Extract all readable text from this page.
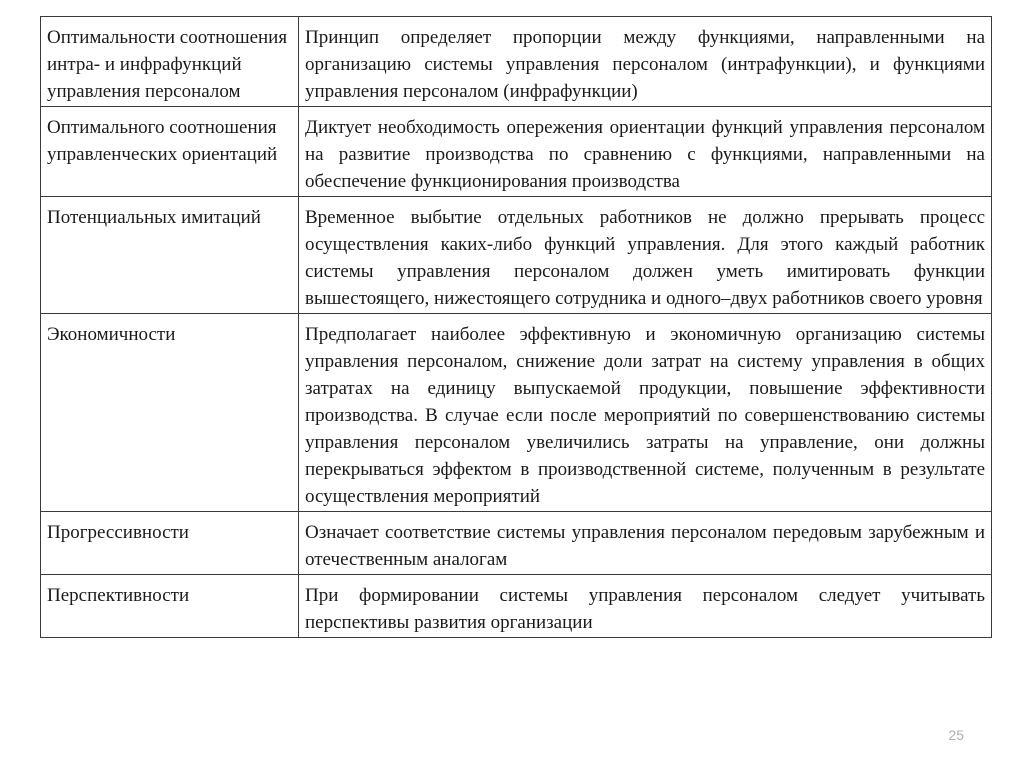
Оптимальности соотношения интра- и инфрафункций управления персоналом	Принцип определяет пропорции между функциями, направленными на организацию системы управления персоналом (интрафункции), и функциями управления персоналом (инфрафункции)
Оптимального соотношения управленческих ориентаций	Диктует необходимость опережения ориентации функций управления персоналом на развитие производства по сравнению с функциями, направленными на обеспечение функционирования производства
Потенциальных имитаций	Временное выбытие отдельных работников не должно прерывать процесс осуществления каких-либо функций управления. Для этого каждый работник системы управления персоналом должен уметь имитировать функции вышестоящего, нижестоящего сотрудника и одного–двух работников своего уровня
Экономичности	Предполагает наиболее эффективную и экономичную организацию системы управления персоналом, снижение доли затрат на систему управления в общих затратах на единицу выпускаемой продукции, повышение эффективности производства. В случае если после мероприятий по совершенствованию системы управления персоналом увеличились затраты на управление, они должны перекрываться эффектом в производственной системе, полученным в результате осуществления мероприятий
Прогрессивности	Означает соответствие системы управления персоналом передовым зарубежным и отечественным аналогам
Перспективности	При формировании системы управления персоналом следует учитывать перспективы развития организации
25
